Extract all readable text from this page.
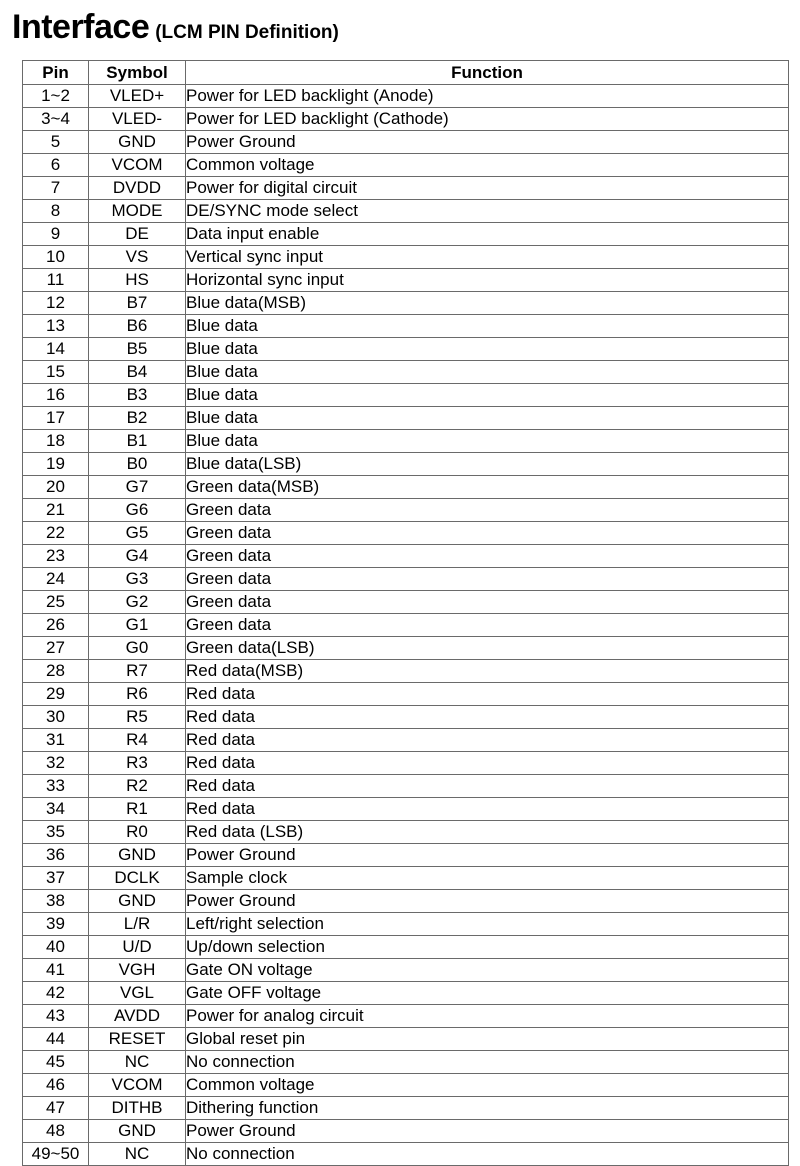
Interface (LCM PIN Definition)
Pin	Symbol	Function
1~2	VLED+	Power for LED backlight (Anode)
3~4	VLED-	Power for LED backlight (Cathode)
5	GND	Power Ground
6	VCOM	Common voltage
7	DVDD	Power for digital circuit
8	MODE	DE/SYNC mode select
9	DE	Data input enable
10	VS	Vertical sync input
11	HS	Horizontal sync input
12	B7	Blue data(MSB)
13	B6	Blue data
14	B5	Blue data
15	B4	Blue data
16	B3	Blue data
17	B2	Blue data
18	B1	Blue data
19	B0	Blue data(LSB)
20	G7	Green data(MSB)
21	G6	Green data
22	G5	Green data
23	G4	Green data
24	G3	Green data
25	G2	Green data
26	G1	Green data
27	G0	Green data(LSB)
28	R7	Red data(MSB)
29	R6	Red data
30	R5	Red data
31	R4	Red data
32	R3	Red data
33	R2	Red data
34	R1	Red data
35	R0	Red data (LSB)
36	GND	Power Ground
37	DCLK	Sample clock
38	GND	Power Ground
39	L/R	Left/right selection
40	U/D	Up/down selection
41	VGH	Gate ON voltage
42	VGL	Gate OFF voltage
43	AVDD	Power for analog circuit
44	RESET	Global reset pin
45	NC	No connection
46	VCOM	Common voltage
47	DITHB	Dithering function
48	GND	Power Ground
49~50	NC	No connection
